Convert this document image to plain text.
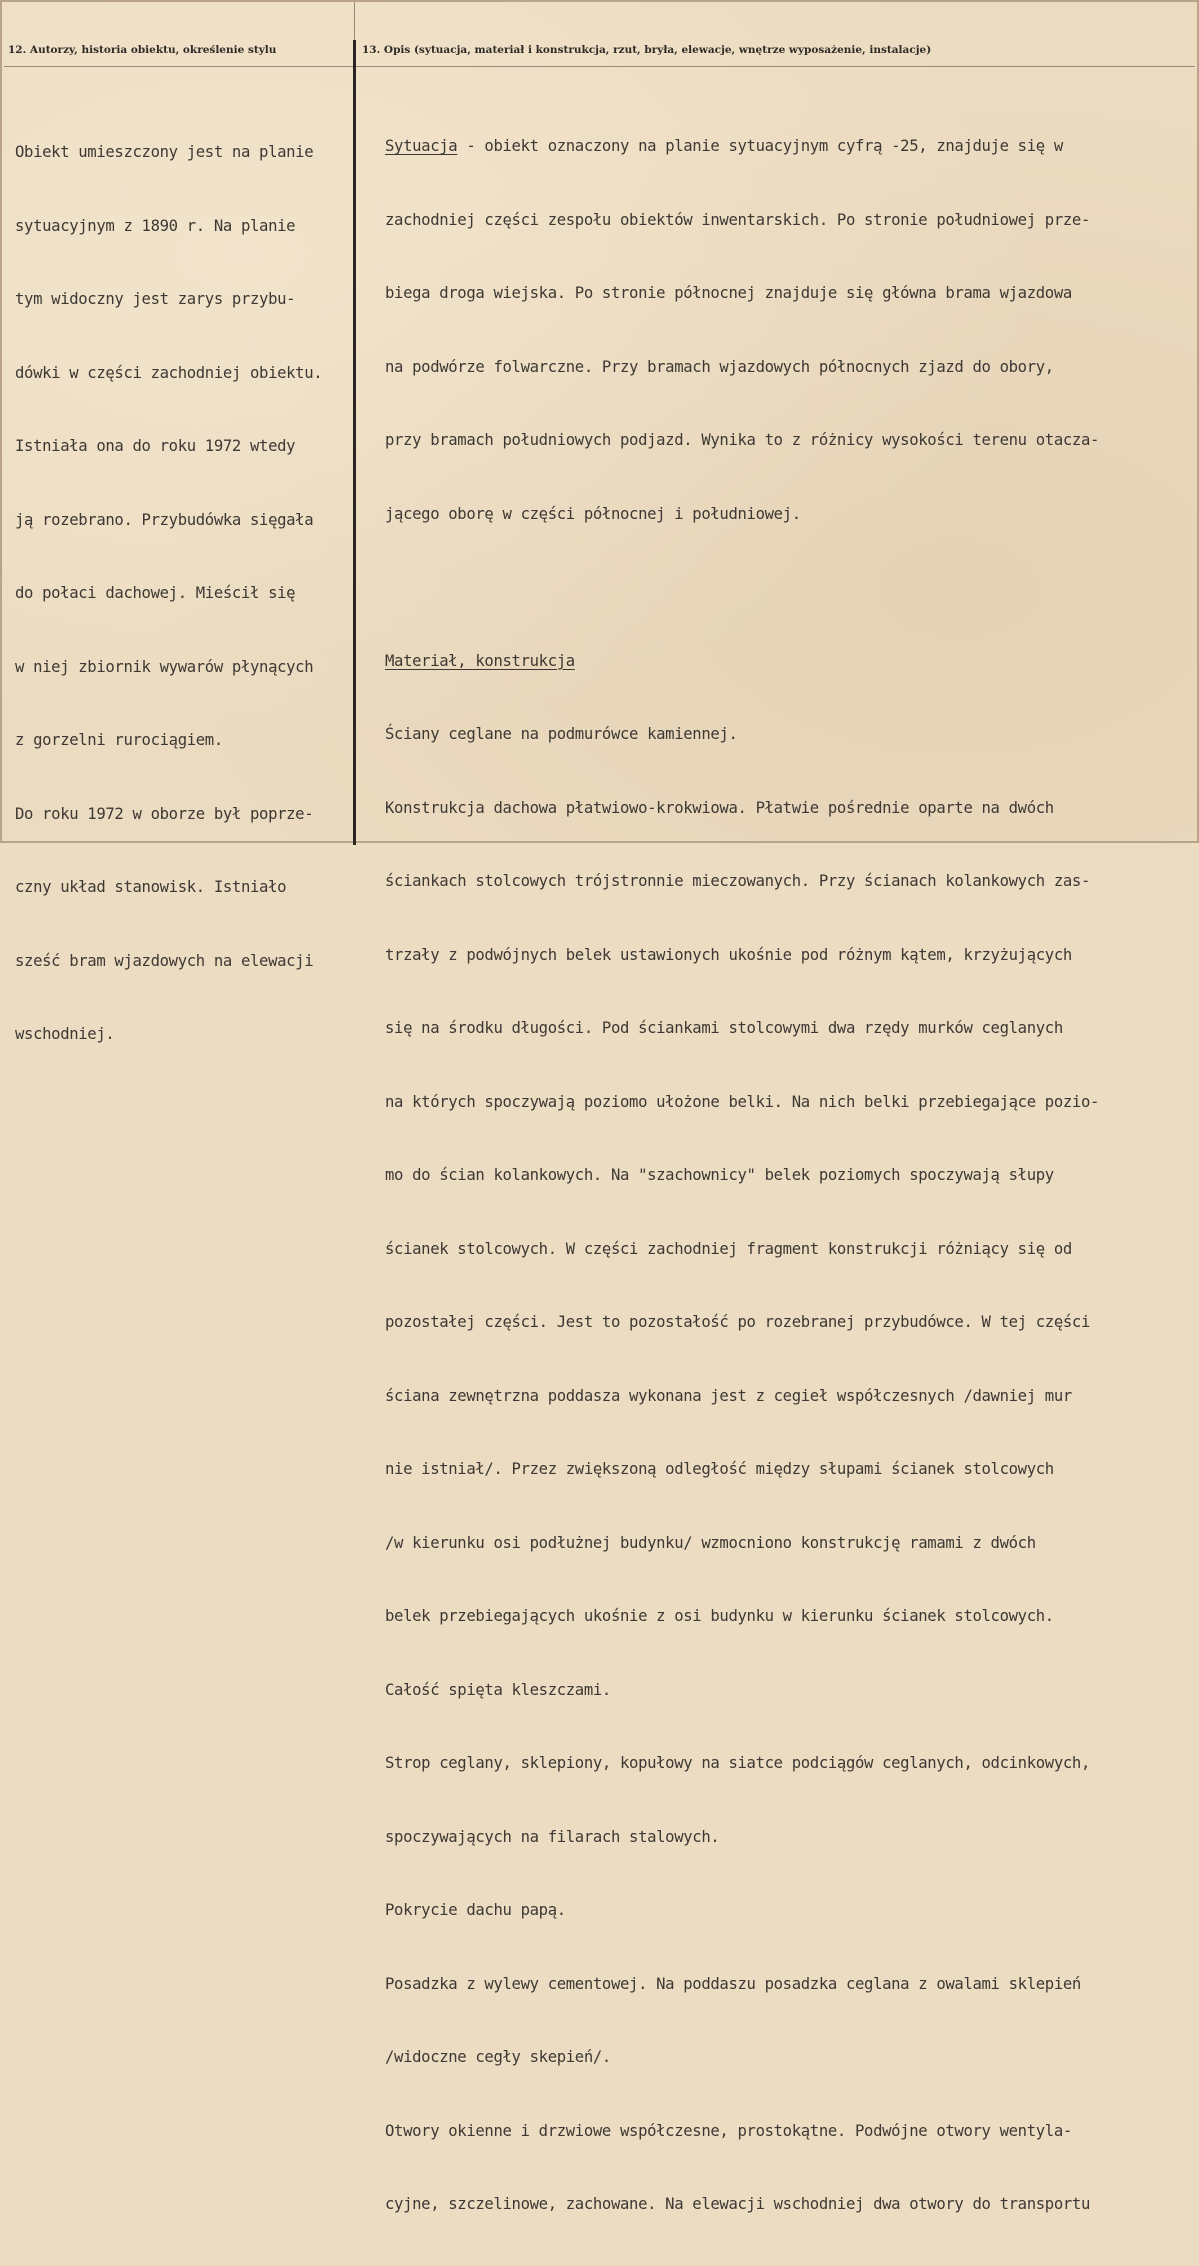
12. Autorzy, historia obiektu, określenie stylu	13. Opis (sytuacja, materiał i konstrukcja, rzut, bryła, elewacje, wnętrze wyposażenie, instalacje)

Obiekt umieszczony jest na planie

sytuacyjnym z 1890 r. Na planie

tym widoczny jest zarys przybu-

dówki w części zachodniej obiektu.

Istniała ona do roku 1972 wtedy

ją rozebrano. Przybudówka sięgała

do połaci dachowej. Mieścił się

w niej zbiornik wywarów płynących

z gorzelni rurociągiem.

Do roku 1972 w oborze był poprze-

czny układ stanowisk. Istniało

sześć bram wjazdowych na elewacji

wschodniej.

Sytuacja - obiekt oznaczony na planie sytuacyjnym cyfrą -25, znajduje się w

zachodniej części zespołu obiektów inwentarskich. Po stronie południowej prze-

biega droga wiejska. Po stronie północnej znajduje się główna brama wjazdowa

na podwórze folwarczne. Przy bramach wjazdowych północnych zjazd do obory,

przy bramach południowych podjazd. Wynika to z różnicy wysokości terenu otacza-

jącego oborę w części północnej i południowej.

Materiał, konstrukcja

Ściany ceglane na podmurówce kamiennej.

Konstrukcja dachowa płatwiowo-krokwiowa. Płatwie pośrednie oparte na dwóch

ściankach stolcowych trójstronnie mieczowanych. Przy ścianach kolankowych zas-

trzały z podwójnych belek ustawionych ukośnie pod różnym kątem, krzyżujących

się na środku długości. Pod ściankami stolcowymi dwa rzędy murków ceglanych

na których spoczywają poziomo ułożone belki. Na nich belki przebiegające pozio-

mo do ścian kolankowych. Na "szachownicy" belek poziomych spoczywają słupy

ścianek stolcowych. W części zachodniej fragment konstrukcji różniący się od

pozostałej części. Jest to pozostałość po rozebranej przybudówce. W tej części

ściana zewnętrzna poddasza wykonana jest z cegieł współczesnych /dawniej mur

nie istniał/. Przez zwiększoną odległość między słupami ścianek stolcowych

/w kierunku osi podłużnej budynku/ wzmocniono konstrukcję ramami z dwóch

belek przebiegających ukośnie z osi budynku w kierunku ścianek stolcowych.

Całość spięta kleszczami.

Strop ceglany, sklepiony, kopułowy na siatce podciągów ceglanych, odcinkowych,

spoczywających na filarach stalowych.

Pokrycie dachu papą.

Posadzka z wylewy cementowej. Na poddaszu posadzka ceglana z owalami sklepień

/widoczne cegły skepień/.

Otwory okienne i drzwiowe współczesne, prostokątne. Podwójne otwory wentyla-

cyjne, szczelinowe, zachowane. Na elewacji wschodniej dwa otwory do transportu
